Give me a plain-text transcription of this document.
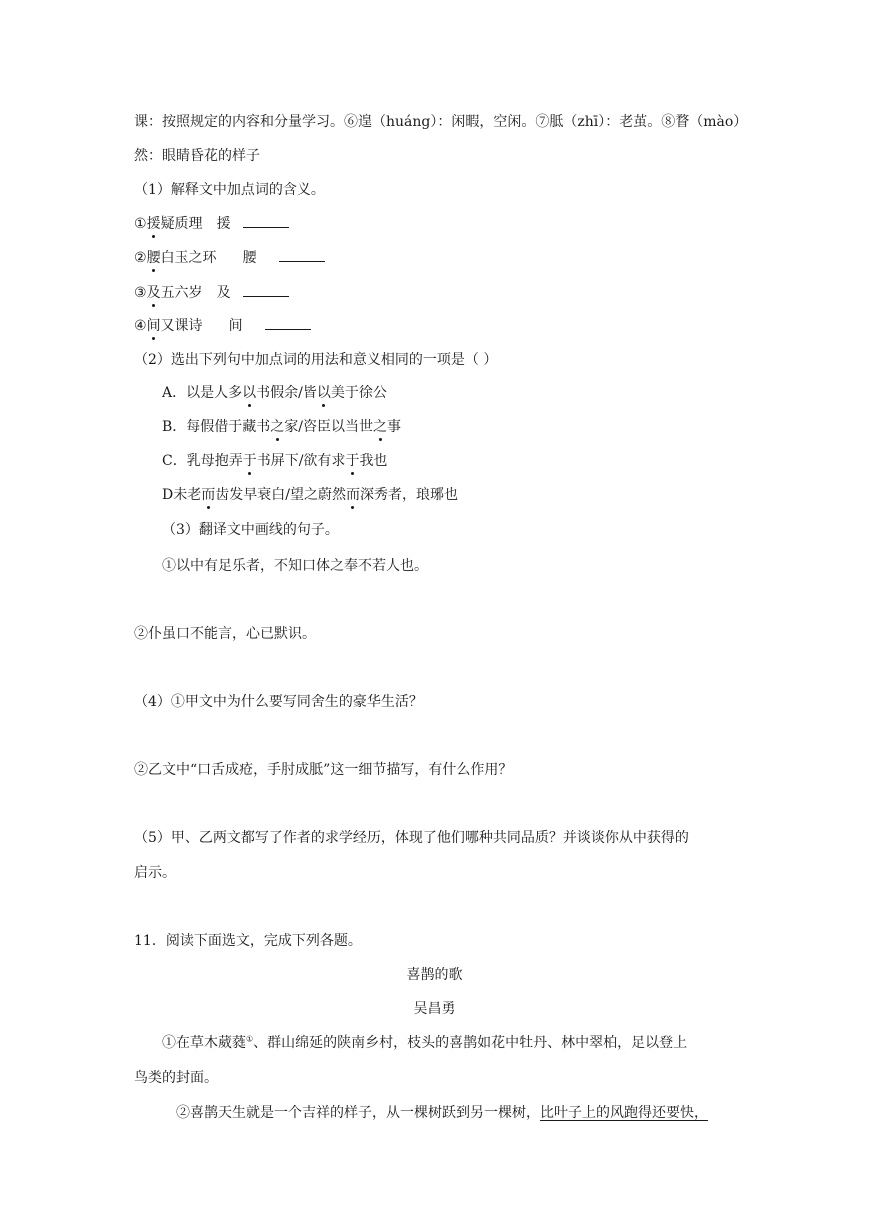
课：按照规定的内容和分量学习。⑥遑（huáng）：闲暇，空闲。⑦胝（zhī）：老茧。⑧瞀（mào）
然：眼睛昏花的样子
（1）解释文中加点词的含义。
①援疑质理 援
②腰白玉之环 腰
③及五六岁 及
④间又课诗 间
（2）选出下列句中加点词的用法和意义相同的一项是（ ）
A．以是人多以书假余/皆以美于徐公
B．每假借于藏书之家/咨臣以当世之事
C．乳母抱弄于书屏下/欲有求于我也
D未老而齿发早衰白/望之蔚然而深秀者，琅琊也
（3）翻译文中画线的句子。
①以中有足乐者，不知口体之奉不若人也。
②仆虽口不能言，心已默识。
（4）①甲文中为什么要写同舍生的豪华生活？
②乙文中“口舌成疮，手肘成胝”这一细节描写，有什么作用？
（5）甲、乙两文都写了作者的求学经历，体现了他们哪种共同品质？并谈谈你从中获得的
启示。
11．阅读下面选文，完成下列各题。
喜鹊的歌
吴昌勇
①在草木葳蕤①、群山绵延的陕南乡村，枝头的喜鹊如花中牡丹、林中翠柏，足以登上
鸟类的封面。
②喜鹊天生就是一个吉祥的样子，从一棵树跃到另一棵树，比叶子上的风跑得还要快，
